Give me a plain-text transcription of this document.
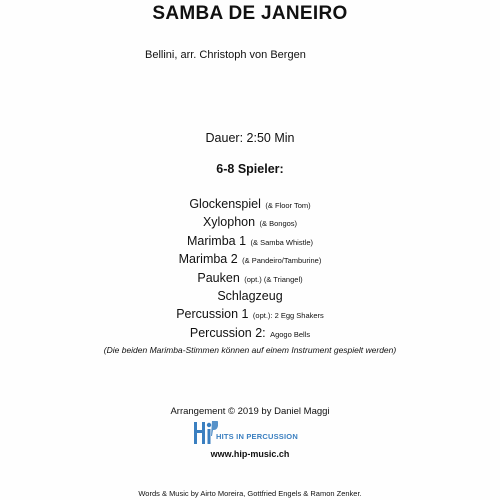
SAMBA DE JANEIRO
Bellini, arr. Christoph von Bergen
Dauer: 2:50 Min
6-8 Spieler:
Glockenspiel (& Floor Tom)
Xylophon (& Bongos)
Marimba 1 (& Samba Whistle)
Marimba 2 (& Pandeiro/Tamburine)
Pauken (opt.) (& Triangel)
Schlagzeug
Percussion 1 (opt.): 2 Egg Shakers
Percussion 2: Agogo Bells
(Die beiden Marimba-Stimmen können auf einem Instrument gespielt werden)
Arrangement © 2019 by Daniel Maggi
HITS IN PERCUSSION
www.hip-music.ch
Words & Music by Airto Moreira, Gottfried Engels & Ramon Zenker.
